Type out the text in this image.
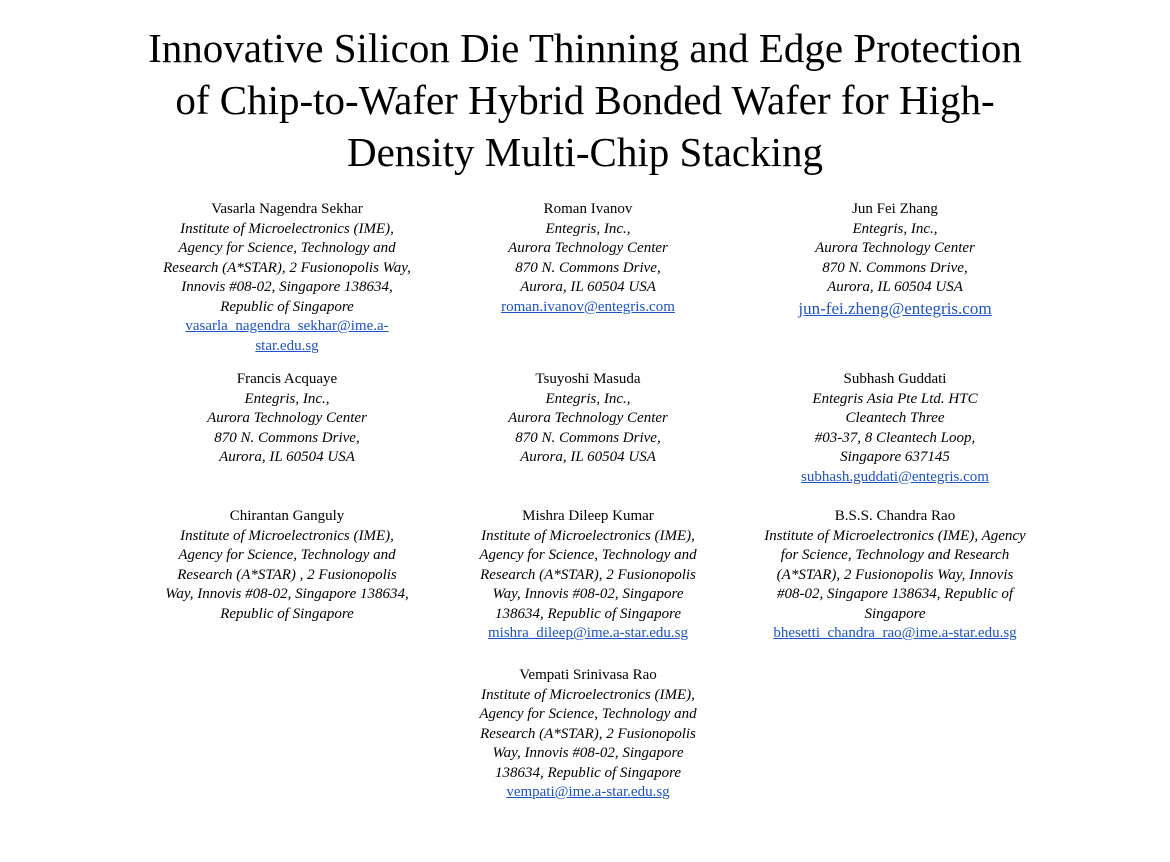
Innovative Silicon Die Thinning and Edge Protection
of Chip-to-Wafer Hybrid Bonded Wafer for High-
Density Multi-Chip Stacking
Vasarla Nagendra Sekhar
Institute of Microelectronics (IME),
Agency for Science, Technology and
Research (A*STAR), 2 Fusionopolis Way,
Innovis #08-02, Singapore 138634,
Republic of Singapore
vasarla_nagendra_sekhar@ime.a-
star.edu.sg
Roman Ivanov
Entegris, Inc.,
Aurora Technology Center
870 N. Commons Drive,
Aurora, IL 60504 USA
roman.ivanov@entegris.com
Jun Fei Zhang
Entegris, Inc.,
Aurora Technology Center
870 N. Commons Drive,
Aurora, IL 60504 USA
jun-fei.zheng@entegris.com
Francis Acquaye
Entegris, Inc.,
Aurora Technology Center
870 N. Commons Drive,
Aurora, IL 60504 USA
Tsuyoshi Masuda
Entegris, Inc.,
Aurora Technology Center
870 N. Commons Drive,
Aurora, IL 60504 USA
Subhash Guddati
Entegris Asia Pte Ltd. HTC
Cleantech Three
#03-37, 8 Cleantech Loop,
Singapore 637145
subhash.guddati@entegris.com
Chirantan Ganguly
Institute of Microelectronics (IME),
Agency for Science, Technology and
Research (A*STAR) , 2 Fusionopolis
Way, Innovis #08-02, Singapore 138634,
Republic of Singapore
Mishra Dileep Kumar
Institute of Microelectronics (IME),
Agency for Science, Technology and
Research (A*STAR), 2 Fusionopolis
Way, Innovis #08-02, Singapore
138634, Republic of Singapore
mishra_dileep@ime.a-star.edu.sg
B.S.S. Chandra Rao
Institute of Microelectronics (IME), Agency
for Science, Technology and Research
(A*STAR), 2 Fusionopolis Way, Innovis
#08-02, Singapore 138634, Republic of
Singapore
bhesetti_chandra_rao@ime.a-star.edu.sg
Vempati Srinivasa Rao
Institute of Microelectronics (IME),
Agency for Science, Technology and
Research (A*STAR), 2 Fusionopolis
Way, Innovis #08-02, Singapore
138634, Republic of Singapore
vempati@ime.a-star.edu.sg
